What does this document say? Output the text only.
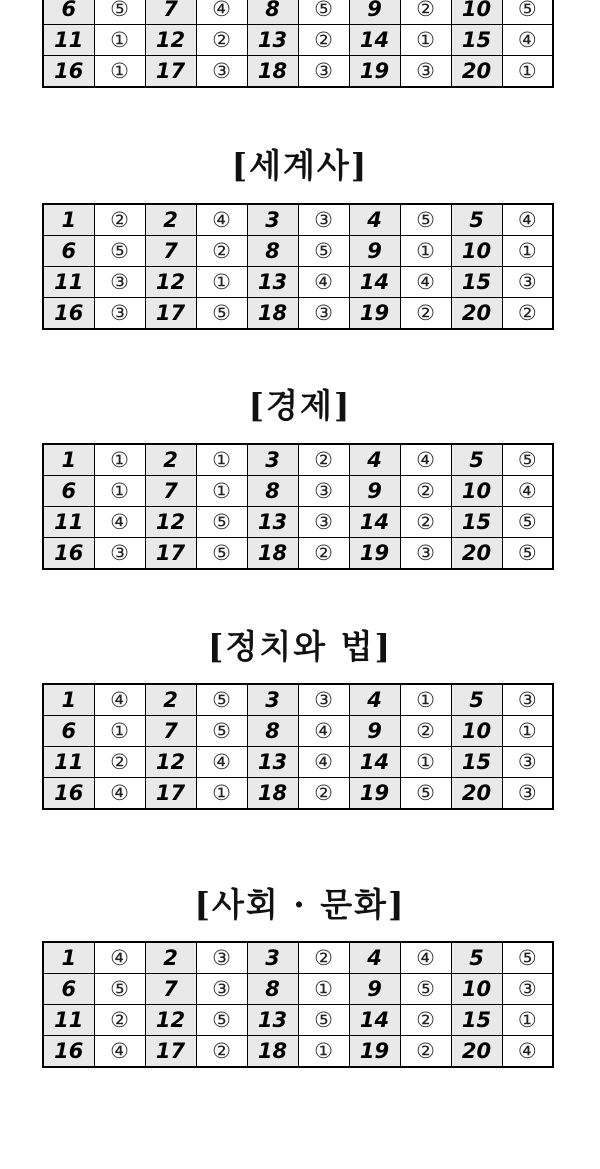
6	⑤	7	④	8	⑤	9	②	10	⑤
11	①	12	②	13	②	14	①	15	④
16	①	17	③	18	③	19	③	20	①
[세계사]
1	②	2	④	3	③	4	⑤	5	④
6	⑤	7	②	8	⑤	9	①	10	①
11	③	12	①	13	④	14	④	15	③
16	③	17	⑤	18	③	19	②	20	②
[경제]
1	①	2	①	3	②	4	④	5	⑤
6	①	7	①	8	③	9	②	10	④
11	④	12	⑤	13	③	14	②	15	⑤
16	③	17	⑤	18	②	19	③	20	⑤
[정치와 법]
1	④	2	⑤	3	③	4	①	5	③
6	①	7	⑤	8	④	9	②	10	①
11	②	12	④	13	④	14	①	15	③
16	④	17	①	18	②	19	⑤	20	③
[사회 · 문화]
1	④	2	③	3	②	4	④	5	⑤
6	⑤	7	③	8	①	9	⑤	10	③
11	②	12	⑤	13	⑤	14	②	15	①
16	④	17	②	18	①	19	②	20	④
